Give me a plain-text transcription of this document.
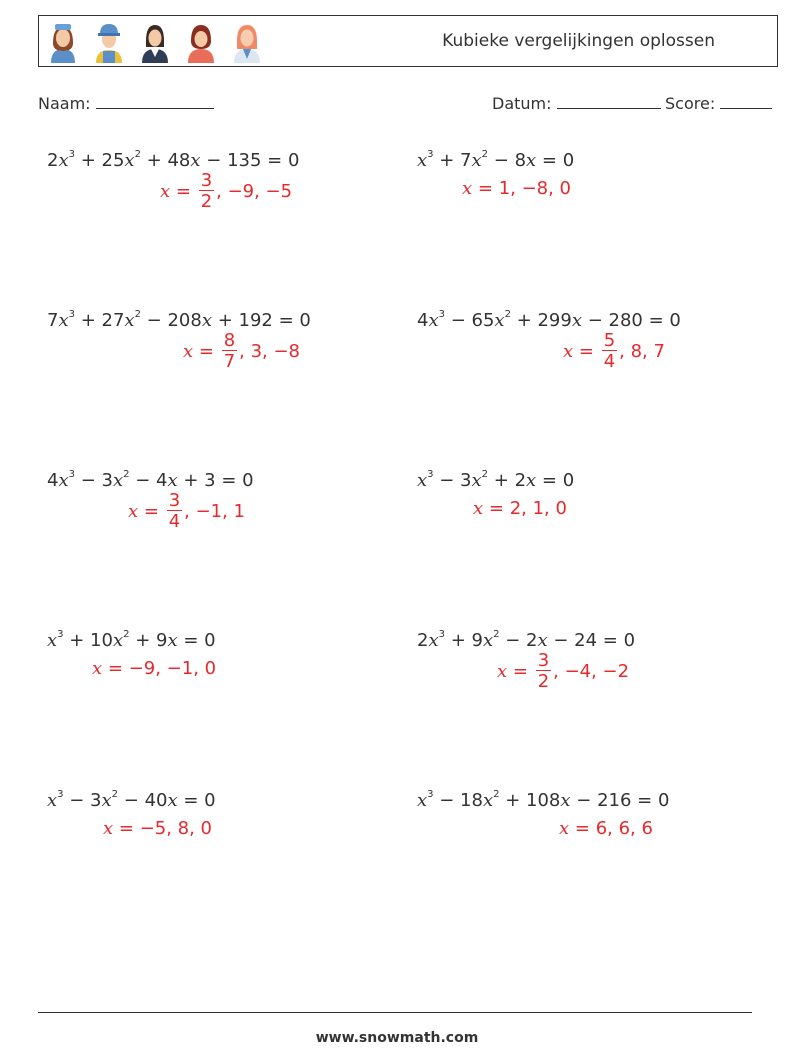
Kubieke vergelijkingen oplossen
Naam:	Datum:	Score:
$2x^3 + 25x^2 + 48x - 135 = 0$
$x = \frac{3}{2}$ , −9, −5
$x^3 + 7x^2 - 8x = 0$
x = 1, −8, 0
$7x^3 + 27x^2 - 208x + 192 = 0$
$x = \frac{8}{7}$ , 3, −8
$4x^3 - 65x^2 + 299x - 280 = 0$
$x = \frac{5}{4}$ , 8, 7
$4x^3 - 3x^2 - 4x + 3 = 0$
$x = \frac{3}{4}$ , −1, 1
$x^3 - 3x^2 + 2x = 0$
x = 2, 1, 0
$x^3 + 10x^2 + 9x = 0$
x = −9, −1, 0
$2x^3 + 9x^2 - 2x - 24 = 0$
$x = \frac{3}{2}$ , −4, −2
$x^3 - 3x^2 - 40x = 0$
x = −5, 8, 0
$x^3 - 18x^2 + 108x - 216 = 0$
x = 6, 6, 6
www.snowmath.com
